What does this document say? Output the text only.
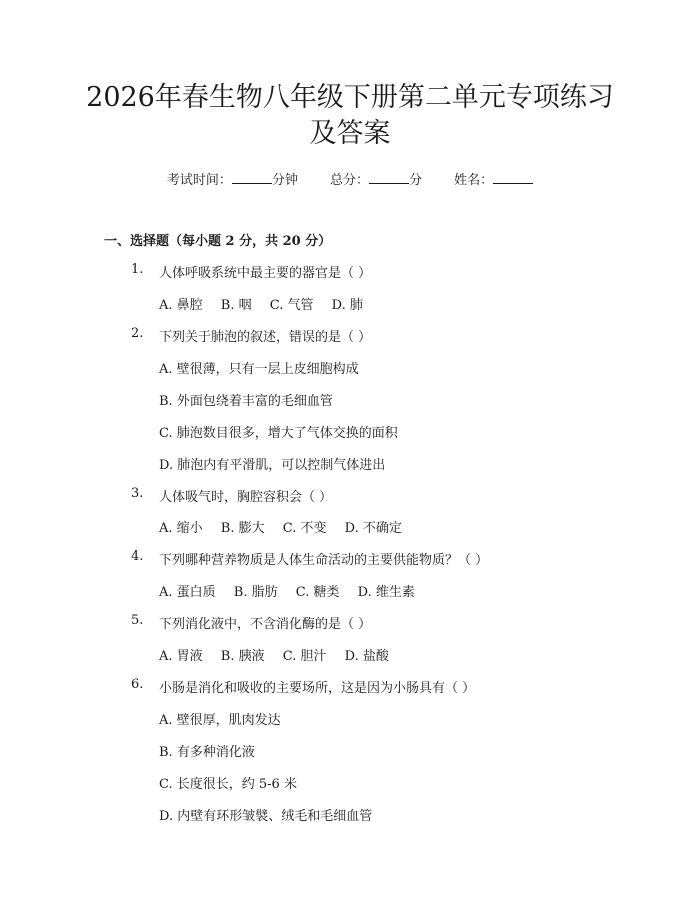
2026年春生物八年级下册第二单元专项练习及答案
考试时间：	分钟 总分：	分 姓名：
一、选择题（每小题 2 分，共 20 分）
1. 人体呼吸系统中最主要的器官是（ ）
A. 鼻腔 B. 咽 C. 气管 D. 肺
2. 下列关于肺泡的叙述，错误的是（ ）
A. 壁很薄，只有一层上皮细胞构成
B. 外面包绕着丰富的毛细血管
C. 肺泡数目很多，增大了气体交换的面积
D. 肺泡内有平滑肌，可以控制气体进出
3. 人体吸气时，胸腔容积会（ ）
A. 缩小 B. 膨大 C. 不变 D. 不确定
4. 下列哪种营养物质是人体生命活动的主要供能物质？（ ）
A. 蛋白质 B. 脂肪 C. 糖类 D. 维生素
5. 下列消化液中，不含消化酶的是（ ）
A. 胃液 B. 胰液 C. 胆汁 D. 盐酸
6. 小肠是消化和吸收的主要场所，这是因为小肠具有（ ）
A. 壁很厚，肌肉发达
B. 有多种消化液
C. 长度很长，约 5-6 米
D. 内壁有环形皱襞、绒毛和毛细血管
